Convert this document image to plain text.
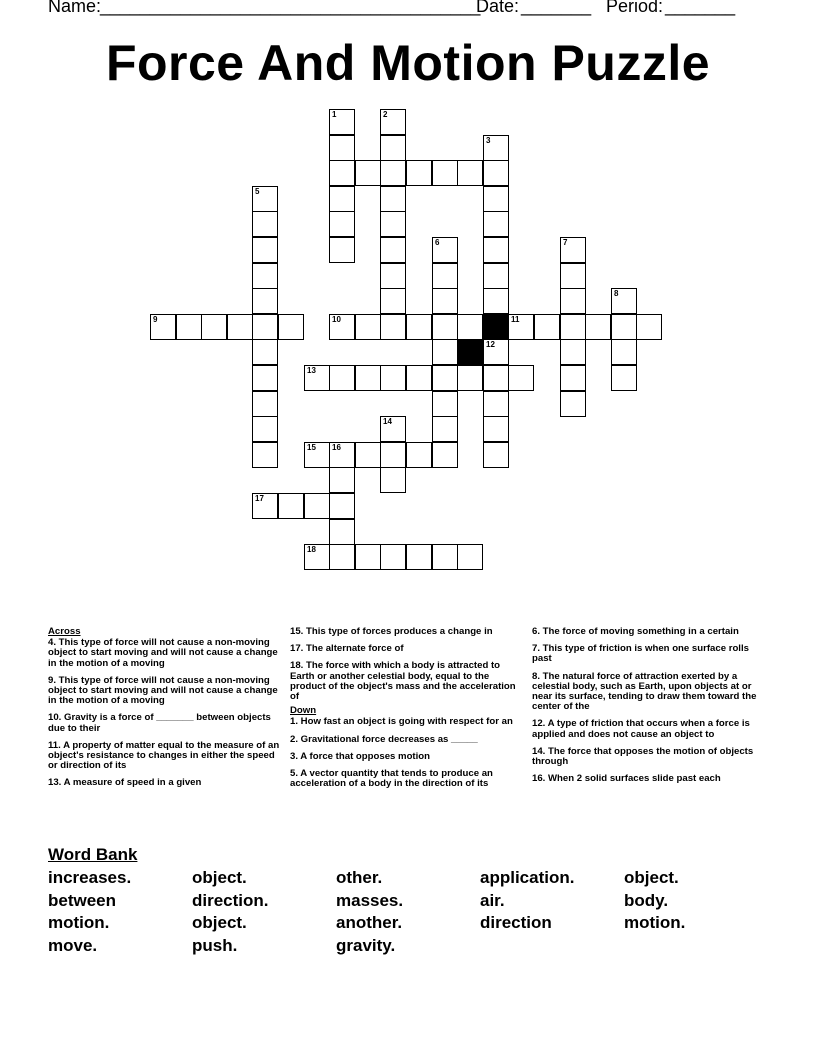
Name:
______________________________________
Date: _______ Period: _______
Force And Motion Puzzle
5
9	10	11
13
15 16
17
18
1	2
3
12
6	7
8
14
Across
4. This type of force will not cause a non-moving object to start moving and will not cause a change in the motion of a moving
9. This type of force will not cause a non-moving object to start moving and will not cause a change in the motion of a moving
10. Gravity is a force of _______ between objects due to their
11. A property of matter equal to the measure of an object's resistance to changes in either the speed or direction of its
13. A measure of speed in a given
15. This type of forces produces a change in
17. The alternate force of
18. The force with which a body is attracted to Earth or another celestial body, equal to the product of the object's mass and the acceleration of
Down
1. How fast an object is going with respect for an
2. Gravitational force decreases as _____
3. A force that opposes motion
5. A vector quantity that tends to produce an acceleration of a body in the direction of its
6. The force of moving something in a certain
7. This type of friction is when one surface rolls past
8. The natural force of attraction exerted by a celestial body, such as Earth, upon objects at or near its surface, tending to draw them toward the center of the
12. A type of friction that occurs when a force is applied and does not cause an object to
14. The force that opposes the motion of objects through
16. When 2 solid surfaces slide past each
Word Bank
increases.	object.	other.	application.	object.
between	direction.	masses.	air.	body.
motion.	object.	another.	direction	motion.
move.	push.	gravity.
